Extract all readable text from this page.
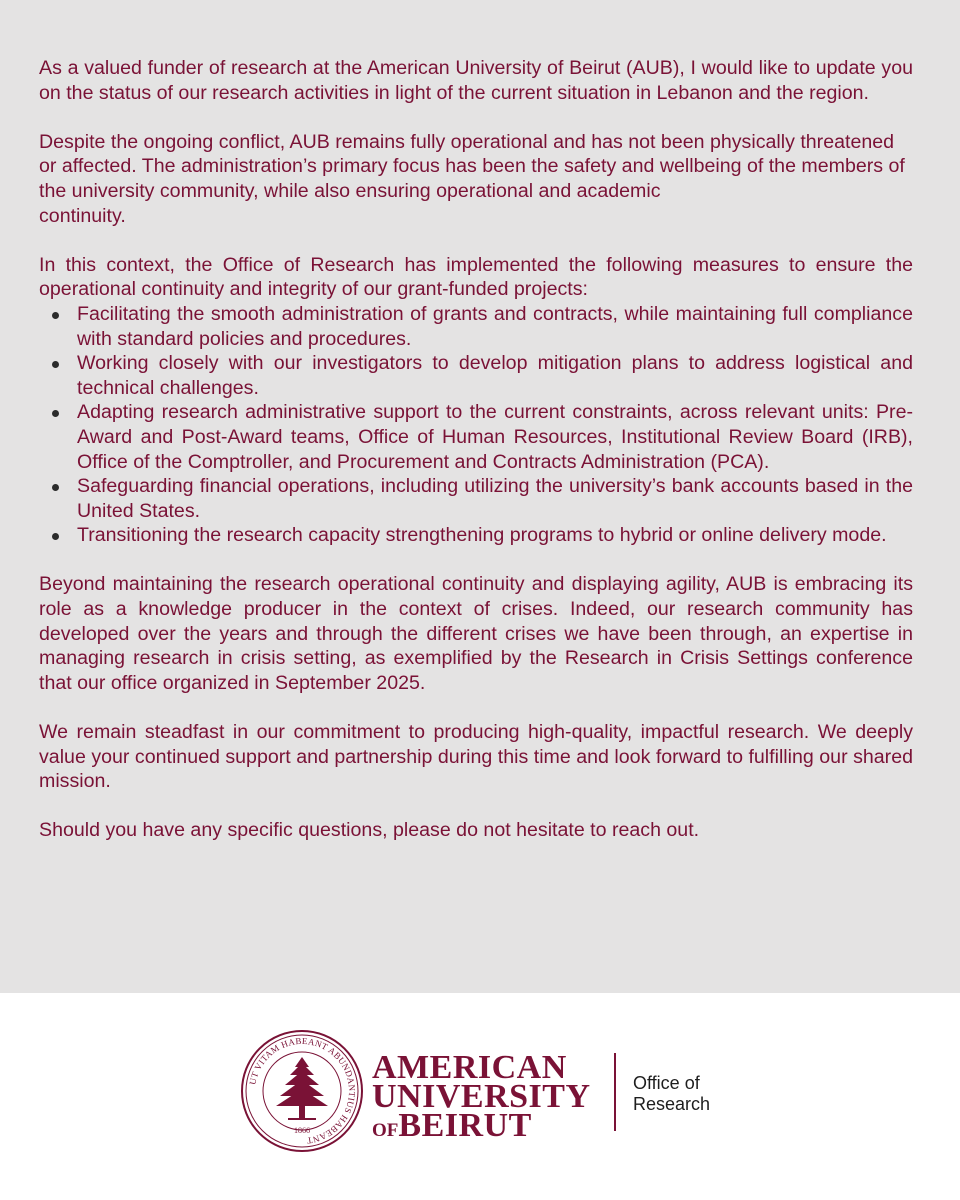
As a valued funder of research at the American University of Beirut (AUB), I would like to update you on the status of our research activities in light of the current situation in Lebanon and the region.

Despite the ongoing conflict, AUB remains fully operational and has not been physically threatened or affected. The administration’s primary focus has been the safety and wellbeing of the members of the university community, while also ensuring operational and academic

continuity.

In this context, the Office of Research has implemented the following measures to ensure the operational continuity and integrity of our grant-funded projects:

Facilitating the smooth administration of grants and contracts, while maintaining full compliance with standard policies and procedures.
Working closely with our investigators to develop mitigation plans to address logistical and technical challenges.
Adapting research administrative support to the current constraints, across relevant units: Pre-Award and Post-Award teams, Office of Human Resources, Institutional Review Board (IRB), Office of the Comptroller, and Procurement and Contracts Administration (PCA).
Safeguarding financial operations, including utilizing the university’s bank accounts based in the United States.
Transitioning the research capacity strengthening programs to hybrid or online delivery mode.

Beyond maintaining the research operational continuity and displaying agility, AUB is embracing its role as a knowledge producer in the context of crises. Indeed, our research community has developed over the years and through the different crises we have been through, an expertise in managing research in crisis setting, as exemplified by the Research in Crisis Settings conference that our office organized in September 2025.

We remain steadfast in our commitment to producing high-quality, impactful research. We deeply value your continued support and partnership during this time and look forward to fulfilling our shared mission.

Should you have any specific questions, please do not hesitate to reach out.

UT VITAM HABEANT ABUNDANTIUS HABEANT
1866
AMERICAN
UNIVERSITY
OFBEIRUT
Office of
Research
